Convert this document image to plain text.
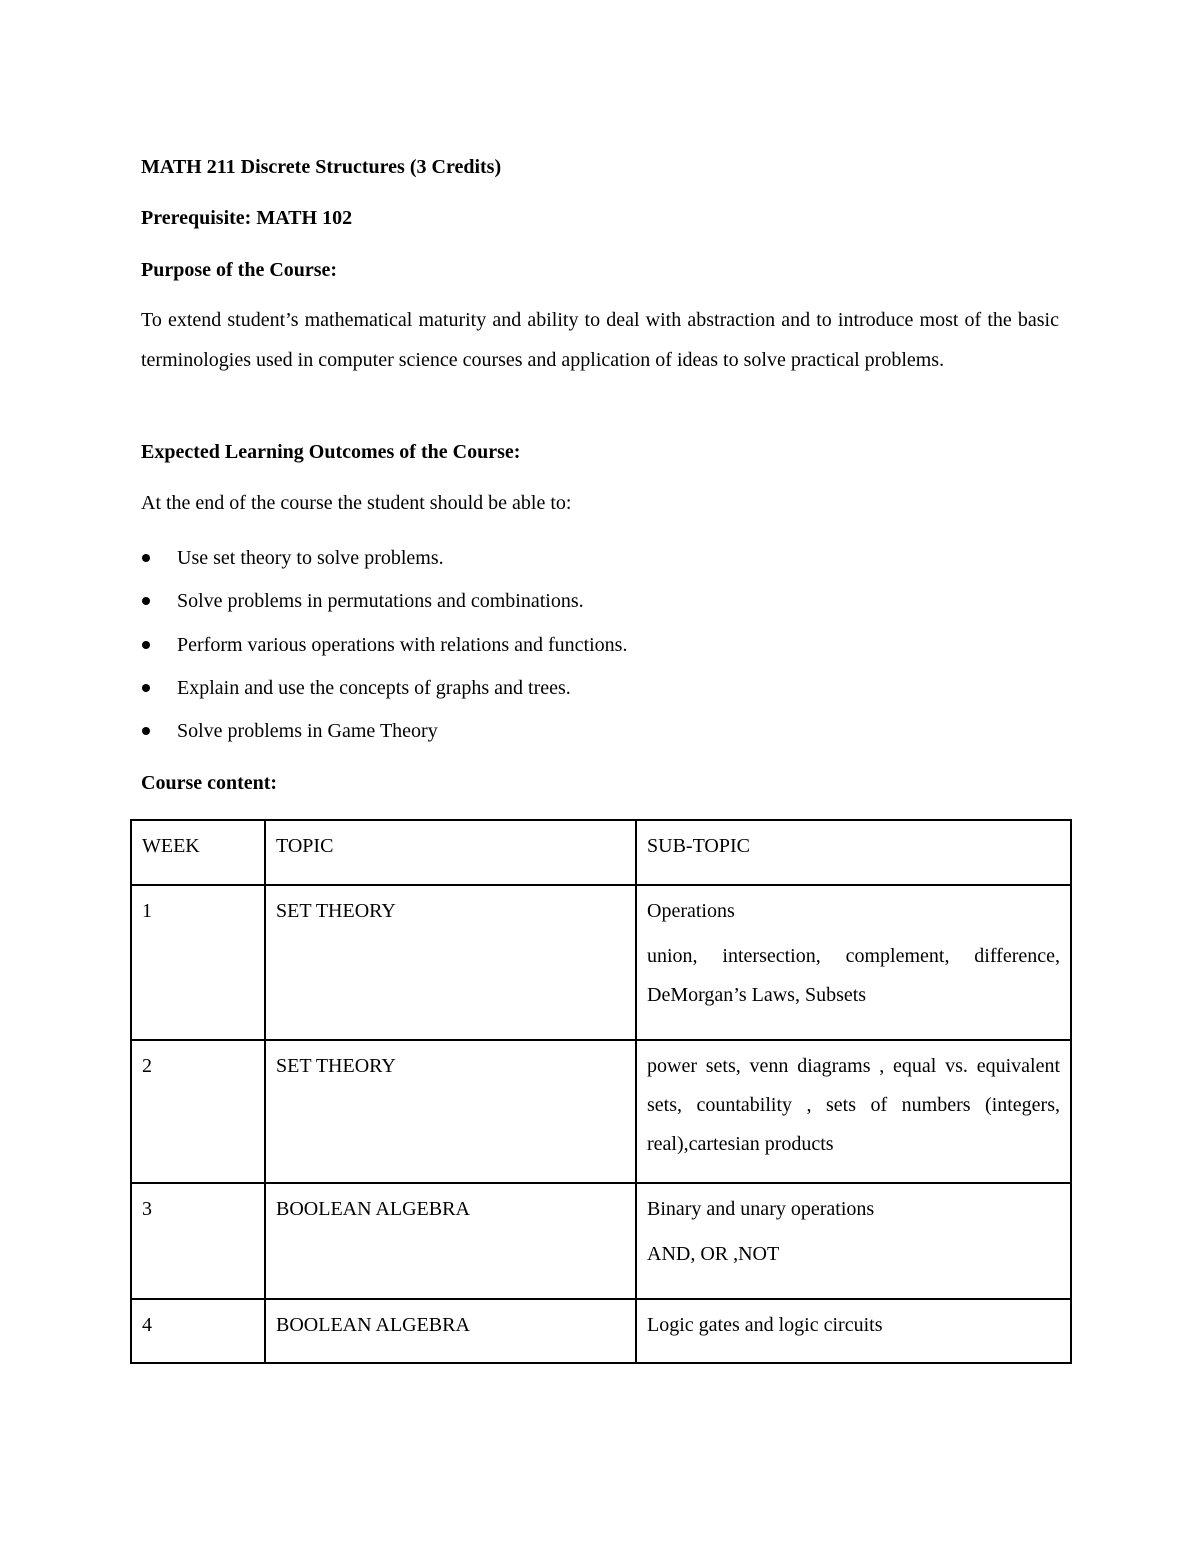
MATH 211 Discrete Structures (3 Credits)
Prerequisite: MATH 102
Purpose of the Course:
To extend student’s mathematical maturity and ability to deal with abstraction and to introduce most of the basic terminologies used in computer science courses and application of ideas to solve practical problems.
Expected Learning Outcomes of the Course:
At the end of the course the student should be able to:
Use set theory to solve problems.
Solve problems in permutations and combinations.
Perform various operations with relations and functions.
Explain and use the concepts of graphs and trees.
Solve problems in Game Theory
Course content:
WEEK	TOPIC	SUB-TOPIC
1	SET THEORY	Operations
union, intersection, complement, difference, DeMorgan’s Laws, Subsets

2	SET THEORY	power sets, venn diagrams , equal vs. equivalent sets, countability , sets of numbers (integers, real),cartesian products
3	BOOLEAN ALGEBRA	Binary and unary operations
AND, OR ,NOT

4	BOOLEAN ALGEBRA	Logic gates and logic circuits
